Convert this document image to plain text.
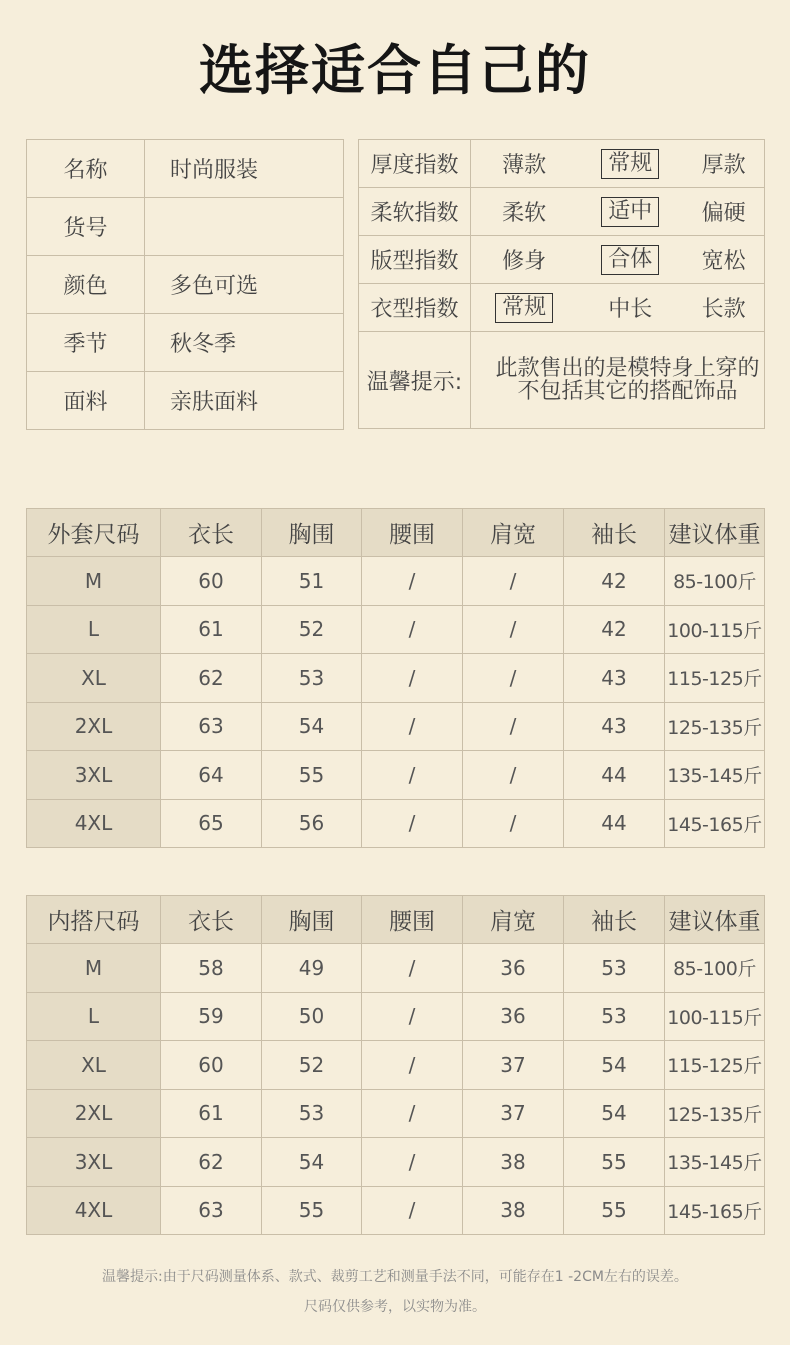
选择适合自己的
名称	时尚服装
货号	
颜色	多色可选
季节	秋冬季
面料	亲肤面料
厚度指数	薄款	常规	厚款
柔软指数	柔软	适中	偏硬
版型指数	修身	合体	宽松
衣型指数	常规	中长	长款
温馨提示:	此款售出的是模特身上穿的
不包括其它的搭配饰品		
外套尺码	衣长	胸围	腰围	肩宽	袖长	建议体重
M	60	51	/	/	42	85-100斤
L	61	52	/	/	42	100-115斤
XL	62	53	/	/	43	115-125斤
2XL	63	54	/	/	43	125-135斤
3XL	64	55	/	/	44	135-145斤
4XL	65	56	/	/	44	145-165斤
内搭尺码	衣长	胸围	腰围	肩宽	袖长	建议体重
M	58	49	/	36	53	85-100斤
L	59	50	/	36	53	100-115斤
XL	60	52	/	37	54	115-125斤
2XL	61	53	/	37	54	125-135斤
3XL	62	54	/	38	55	135-145斤
4XL	63	55	/	38	55	145-165斤
温馨提示:由于尺码测量体系、款式、裁剪工艺和测量手法不同，可能存在1 -2CM左右的误差。
尺码仅供参考，以实物为准。
